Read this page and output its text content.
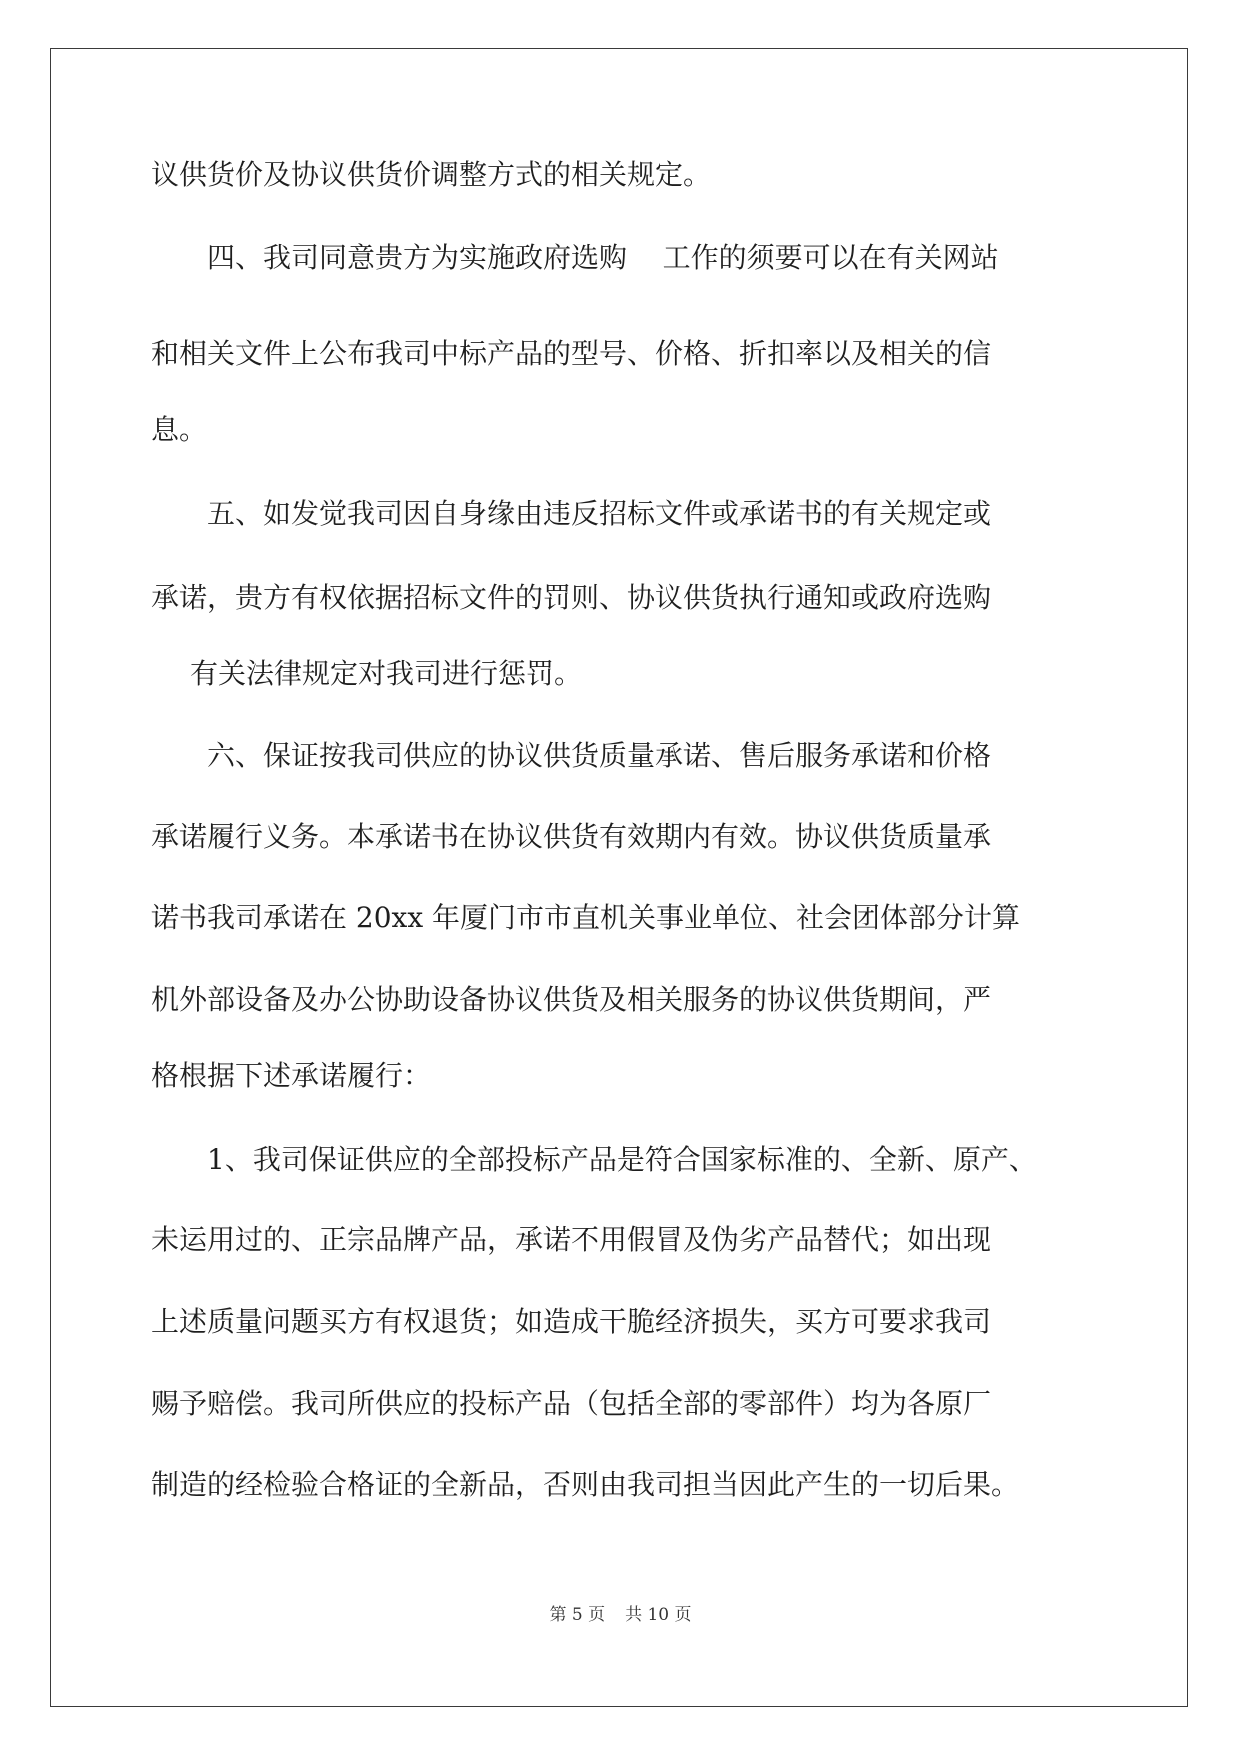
议供货价及协议供货价调整方式的相关规定。
四、我司同意贵方为实施政府选购    工作的须要可以在有关网站
和相关文件上公布我司中标产品的型号、价格、折扣率以及相关的信
息。
五、如发觉我司因自身缘由违反招标文件或承诺书的有关规定或
承诺，贵方有权依据招标文件的罚则、协议供货执行通知或政府选购
有关法律规定对我司进行惩罚。
六、保证按我司供应的协议供货质量承诺、售后服务承诺和价格
承诺履行义务。本承诺书在协议供货有效期内有效。协议供货质量承
诺书我司承诺在 20xx 年厦门市市直机关事业单位、社会团体部分计算
机外部设备及办公协助设备协议供货及相关服务的协议供货期间，严
格根据下述承诺履行：
1、我司保证供应的全部投标产品是符合国家标准的、全新、原产、
未运用过的、正宗品牌产品，承诺不用假冒及伪劣产品替代；如出现
上述质量问题买方有权退货；如造成干脆经济损失，买方可要求我司
赐予赔偿。我司所供应的投标产品（包括全部的零部件）均为各原厂
制造的经检验合格证的全新品，否则由我司担当因此产生的一切后果。
第 5 页 共 10 页
